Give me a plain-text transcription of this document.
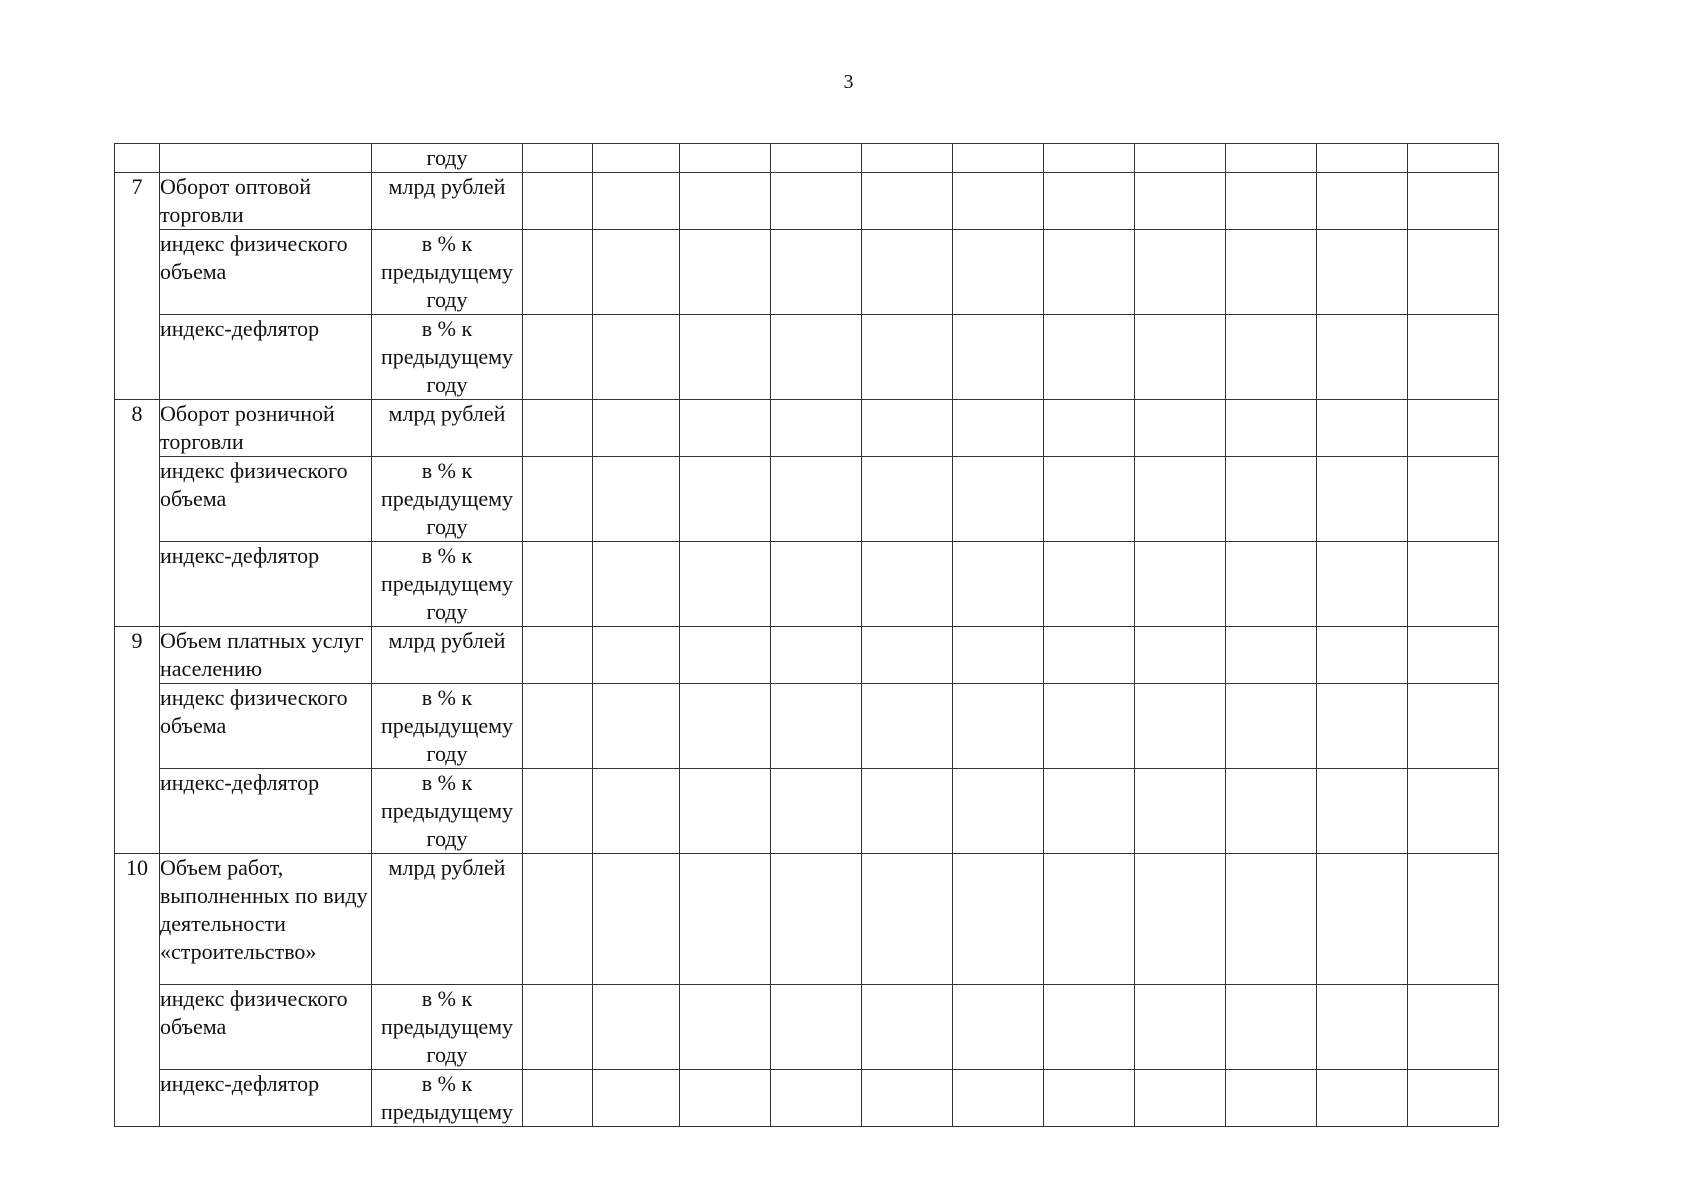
3
		году											
7	Оборот оптовой торговли	млрд рублей											
	индекс физического объема	в % к предыдущему году											
	индекс-дефлятор	в % к предыдущему году											
8	Оборот розничной торговли	млрд рублей											
	индекс физического объема	в % к предыдущему году											
	индекс-дефлятор	в % к предыдущему году											
9	Объем платных услуг населению	млрд рублей											
	индекс физического объема	в % к предыдущему году											
	индекс-дефлятор	в % к предыдущему году											
10	Объем работ, выполненных по виду деятельности «строительство»	млрд рублей											
	индекс физического объема	в % к предыдущему году											
	индекс-дефлятор	в % к предыдущему											
